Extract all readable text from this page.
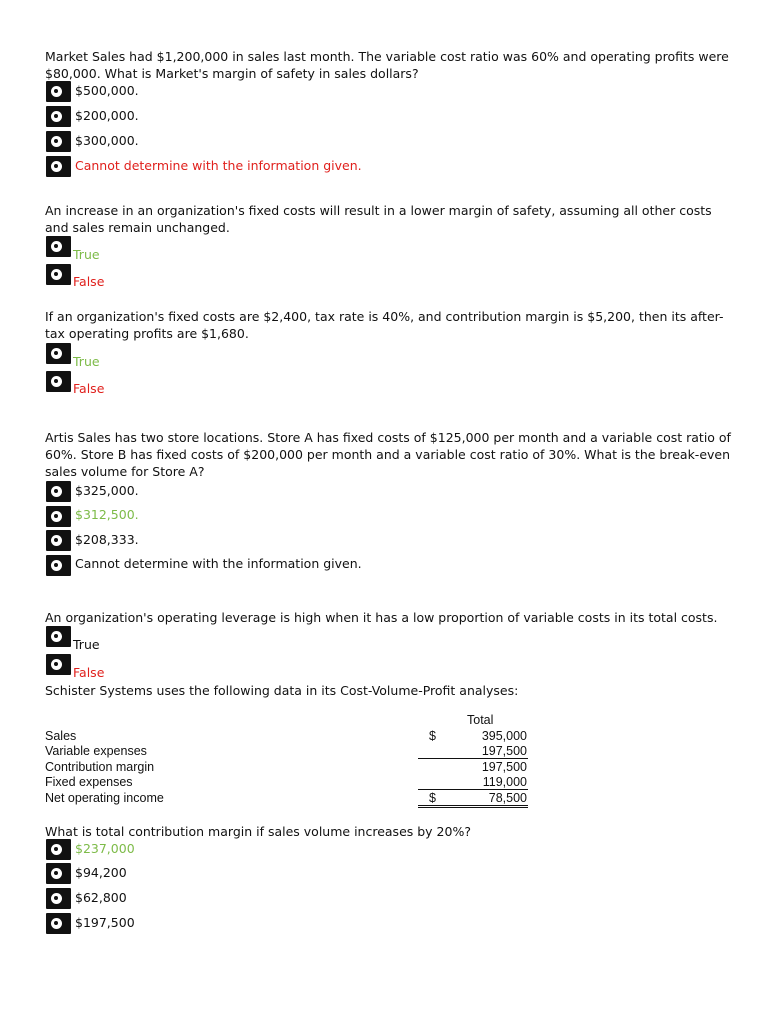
Market Sales had $1,200,000 in sales last month. The variable cost ratio was 60% and operating profits were $80,000. What is Market's margin of safety in sales dollars?
$500,000.
$200,000.
$300,000.
Cannot determine with the information given.
An increase in an organization's fixed costs will result in a lower margin of safety, assuming all other costs and sales remain unchanged.
True
False
If an organization's fixed costs are $2,400, tax rate is 40%, and contribution margin is $5,200, then its after-tax operating profits are $1,680.
True
False
Artis Sales has two store locations. Store A has fixed costs of $125,000 per month and a variable cost ratio of 60%. Store B has fixed costs of $200,000 per month and a variable cost ratio of 30%. What is the break-even sales volume for Store A?
$325,000.
$312,500.
$208,333.
Cannot determine with the information given.
An organization's operating leverage is high when it has a low proportion of variable costs in its total costs.
True
False
Schister Systems uses the following data in its Cost-Volume-Profit analyses:
Total
Sales	$	395,000
Variable expenses	197,500
Contribution margin	197,500
Fixed expenses	119,000
Net operating income	$	78,500
What is total contribution margin if sales volume increases by 20%?
$237,000
$94,200
$62,800
$197,500
